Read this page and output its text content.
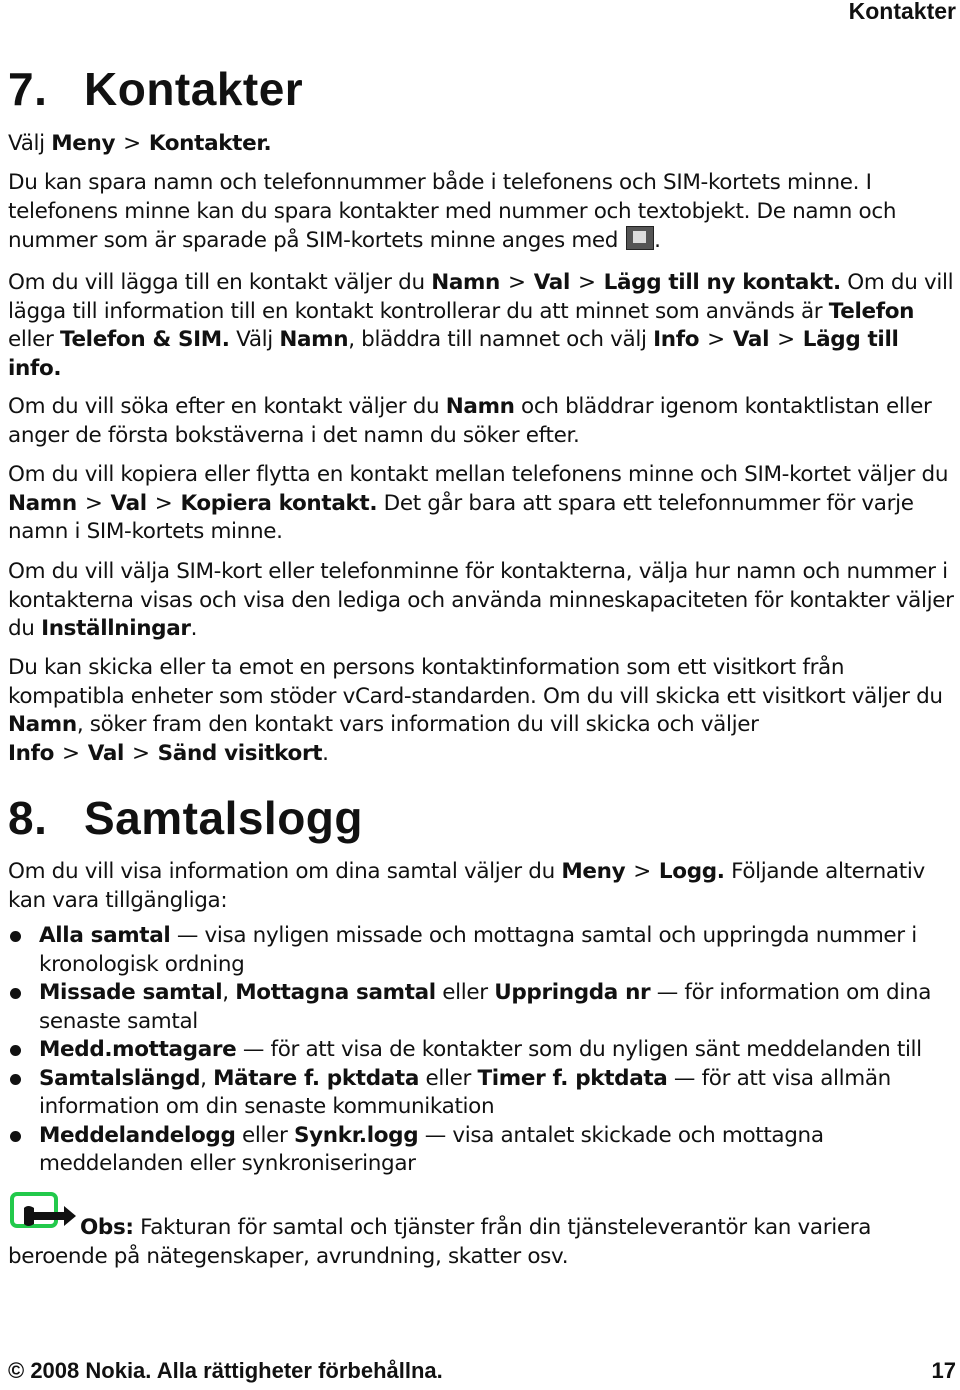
Kontakter
7. Kontakter

Välj Meny > Kontakter.

Du kan spara namn och telefonnummer både i telefonens och SIM-kortets minne. I telefonens minne kan du spara kontakter med nummer och textobjekt. De namn och nummer som är sparade på SIM-kortets minne anges med .

Om du vill lägga till en kontakt väljer du Namn > Val > Lägg till ny kontakt. Om du vill lägga till information till en kontakt kontrollerar du att minnet som används är Telefon eller Telefon & SIM. Välj Namn, bläddra till namnet och välj Info > Val > Lägg till info.

Om du vill söka efter en kontakt väljer du Namn och bläddrar igenom kontaktlistan eller anger de första bokstäverna i det namn du söker efter.

Om du vill kopiera eller flytta en kontakt mellan telefonens minne och SIM-kortet väljer du Namn > Val > Kopiera kontakt. Det går bara att spara ett telefonnummer för varje namn i SIM-kortets minne.

Om du vill välja SIM-kort eller telefonminne för kontakterna, välja hur namn och nummer i kontakterna visas och visa den lediga och använda minneskapaciteten för kontakter väljer du Inställningar.

Du kan skicka eller ta emot en persons kontaktinformation som ett visitkort från kompatibla enheter som stöder vCard-standarden. Om du vill skicka ett visitkort väljer du Namn, söker fram den kontakt vars information du vill skicka och väljer Info > Val > Sänd visitkort.

8. Samtalslogg

Om du vill visa information om dina samtal väljer du Meny > Logg. Följande alternativ kan vara tillgängliga:

Alla samtal — visa nyligen missade och mottagna samtal och uppringda nummer i kronologisk ordning
Missade samtal, Mottagna samtal eller Uppringda nr — för information om dina senaste samtal
Medd.mottagare — för att visa de kontakter som du nyligen sänt meddelanden till
Samtalslängd, Mätare f. pktdata eller Timer f. pktdata — för att visa allmän information om din senaste kommunikation
Meddelandelogg eller Synkr.logg — visa antalet skickade och mottagna meddelanden eller synkroniseringar

Obs: Fakturan för samtal och tjänster från din tjänsteleverantör kan variera beroende på nätegenskaper, avrundning, skatter osv.

© 2008 Nokia. Alla rättigheter förbehållna.	17
